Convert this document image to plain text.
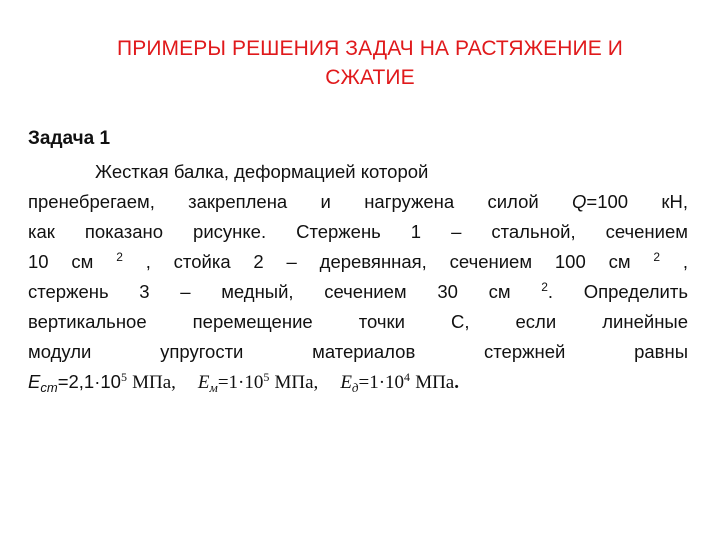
ПРИМЕРЫ РЕШЕНИЯ ЗАДАЧ НА РАСТЯЖЕНИЕ И
СЖАТИЕ
Задача 1
Жесткая балка, деформацией которой
пренебрегаем, закреплена и нагружена силой Q=100 кН,
как показано рисунке. Стержень 1 – стальной, сечением
10 см $^2$ , стойка 2 – деревянная, сечением 100 см $^2$ ,
стержень 3 – медный, сечением 30 см	$^2$. Определить
вертикальное перемещение точки С, если линейные
модули упругости материалов стержней равны
$E_{ст}=2,1\cdot 10^5$ МПа, $E_м=1\cdot 10^5$ МПа, $E_д=1\cdot 10^4$ МПа.
